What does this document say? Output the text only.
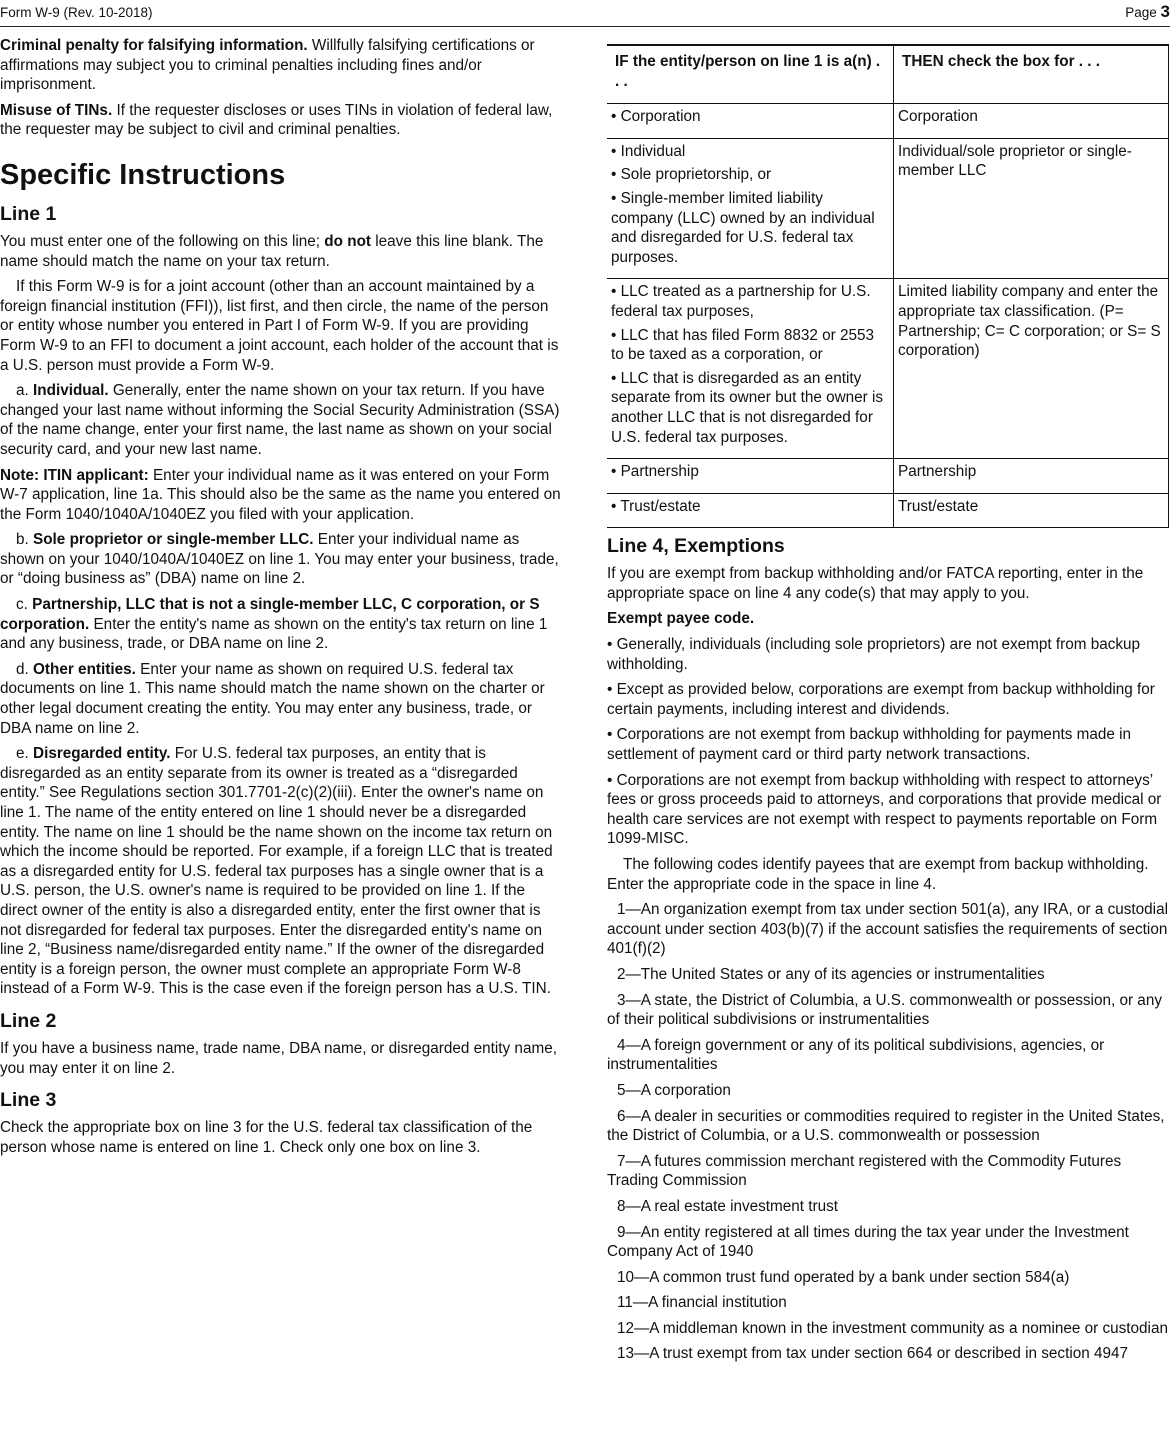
Form W-9 (Rev. 10-2018)	Page 3

Criminal penalty for falsifying information. Willfully falsifying certifications or affirmations may subject you to criminal penalties including fines and/or imprisonment.

Misuse of TINs. If the requester discloses or uses TINs in violation of federal law, the requester may be subject to civil and criminal penalties.

Specific Instructions
Line 1

You must enter one of the following on this line; do not leave this line blank. The name should match the name on your tax return.

If this Form W-9 is for a joint account (other than an account maintained by a foreign financial institution (FFI)), list first, and then circle, the name of the person or entity whose number you entered in Part I of Form W-9. If you are providing Form W-9 to an FFI to document a joint account, each holder of the account that is a U.S. person must provide a Form W-9.

a. Individual. Generally, enter the name shown on your tax return. If you have changed your last name without informing the Social Security Administration (SSA) of the name change, enter your first name, the last name as shown on your social security card, and your new last name.

Note: ITIN applicant: Enter your individual name as it was entered on your Form W-7 application, line 1a. This should also be the same as the name you entered on the Form 1040/1040A/1040EZ you filed with your application.

b. Sole proprietor or single-member LLC. Enter your individual name as shown on your 1040/1040A/1040EZ on line 1. You may enter your business, trade, or “doing business as” (DBA) name on line 2.

c. Partnership, LLC that is not a single-member LLC, C corporation, or S corporation. Enter the entity's name as shown on the entity's tax return on line 1 and any business, trade, or DBA name on line 2.

d. Other entities. Enter your name as shown on required U.S. federal tax documents on line 1. This name should match the name shown on the charter or other legal document creating the entity. You may enter any business, trade, or DBA name on line 2.

e. Disregarded entity. For U.S. federal tax purposes, an entity that is disregarded as an entity separate from its owner is treated as a “disregarded entity.” See Regulations section 301.7701-2(c)(2)(iii). Enter the owner's name on line 1. The name of the entity entered on line 1 should never be a disregarded entity. The name on line 1 should be the name shown on the income tax return on which the income should be reported. For example, if a foreign LLC that is treated as a disregarded entity for U.S. federal tax purposes has a single owner that is a U.S. person, the U.S. owner's name is required to be provided on line 1. If the direct owner of the entity is also a disregarded entity, enter the first owner that is not disregarded for federal tax purposes. Enter the disregarded entity's name on line 2, “Business name/disregarded entity name.” If the owner of the disregarded entity is a foreign person, the owner must complete an appropriate Form W-8 instead of a Form W-9. This is the case even if the foreign person has a U.S. TIN.

Line 2

If you have a business name, trade name, DBA name, or disregarded entity name, you may enter it on line 2.

Line 3

Check the appropriate box on line 3 for the U.S. federal tax classification of the person whose name is entered on line 1. Check only one box on line 3.

IF the entity/person on line 1 is a(n) . . .	THEN check the box for . . .

• Corporation	Corporation

• Individual
• Sole proprietorship, or
• Single-member limited liability company (LLC) owned by an individual and disregarded for U.S. federal tax purposes.	Individual/sole proprietor or single-member LLC

• LLC treated as a partnership for U.S. federal tax purposes,
• LLC that has filed Form 8832 or 2553 to be taxed as a corporation, or
• LLC that is disregarded as an entity separate from its owner but the owner is another LLC that is not disregarded for U.S. federal tax purposes.	Limited liability company and enter the appropriate tax classification. (P= Partnership; C= C corporation; or S= S corporation)

• Partnership	Partnership

• Trust/estate	Trust/estate
Line 4, Exemptions

If you are exempt from backup withholding and/or FATCA reporting, enter in the appropriate space on line 4 any code(s) that may apply to you.

Exempt payee code.

• Generally, individuals (including sole proprietors) are not exempt from backup withholding.

• Except as provided below, corporations are exempt from backup withholding for certain payments, including interest and dividends.

• Corporations are not exempt from backup withholding for payments made in settlement of payment card or third party network transactions.

• Corporations are not exempt from backup withholding with respect to attorneys’ fees or gross proceeds paid to attorneys, and corporations that provide medical or health care services are not exempt with respect to payments reportable on Form 1099-MISC.

The following codes identify payees that are exempt from backup withholding. Enter the appropriate code in the space in line 4.

1—An organization exempt from tax under section 501(a), any IRA, or a custodial account under section 403(b)(7) if the account satisfies the requirements of section 401(f)(2)

2—The United States or any of its agencies or instrumentalities

3—A state, the District of Columbia, a U.S. commonwealth or possession, or any of their political subdivisions or instrumentalities

4—A foreign government or any of its political subdivisions, agencies, or instrumentalities

5—A corporation

6—A dealer in securities or commodities required to register in the United States, the District of Columbia, or a U.S. commonwealth or possession

7—A futures commission merchant registered with the Commodity Futures Trading Commission

8—A real estate investment trust

9—An entity registered at all times during the tax year under the Investment Company Act of 1940

10—A common trust fund operated by a bank under section 584(a)

11—A financial institution

12—A middleman known in the investment community as a nominee or custodian

13—A trust exempt from tax under section 664 or described in section 4947
